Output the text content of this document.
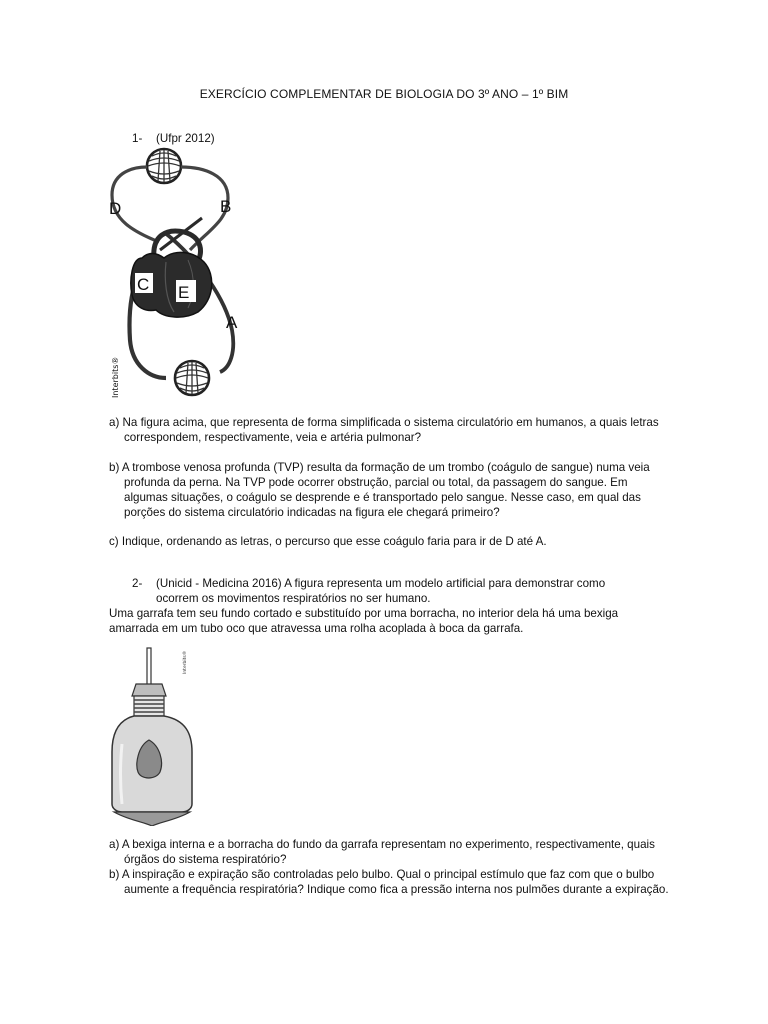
EXERCÍCIO COMPLEMENTAR DE BIOLOGIA DO 3º ANO – 1º BIM
1- (Ufpr 2012)
D	B
C E
A
Interbits®
a) Na figura acima, que representa de forma simplificada o sistema circulatório em humanos, a quais letras correspondem, respectivamente, veia e artéria pulmonar?
b) A trombose venosa profunda (TVP) resulta da formação de um trombo (coágulo de sangue) numa veia profunda da perna. Na TVP pode ocorrer obstrução, parcial ou total, da passagem do sangue. Em algumas situações, o coágulo se desprende e é transportado pelo sangue. Nesse caso, em qual das porções do sistema circulatório indicadas na figura ele chegará primeiro?
c) Indique, ordenando as letras, o percurso que esse coágulo faria para ir de D até A.
2- (Unicid - Medicina 2016) A figura representa um modelo artificial para demonstrar como
ocorrem os movimentos respiratórios no ser humano.
Uma garrafa tem seu fundo cortado e substituído por uma borracha, no interior dela há uma bexiga amarrada em um tubo oco que atravessa uma rolha acoplada à boca da garrafa.
Interbits®
a) A bexiga interna e a borracha do fundo da garrafa representam no experimento, respectivamente, quais órgãos do sistema respiratório?
b) A inspiração e expiração são controladas pelo bulbo. Qual o principal estímulo que faz com que o bulbo aumente a frequência respiratória? Indique como fica a pressão interna nos pulmões durante a expiração.
